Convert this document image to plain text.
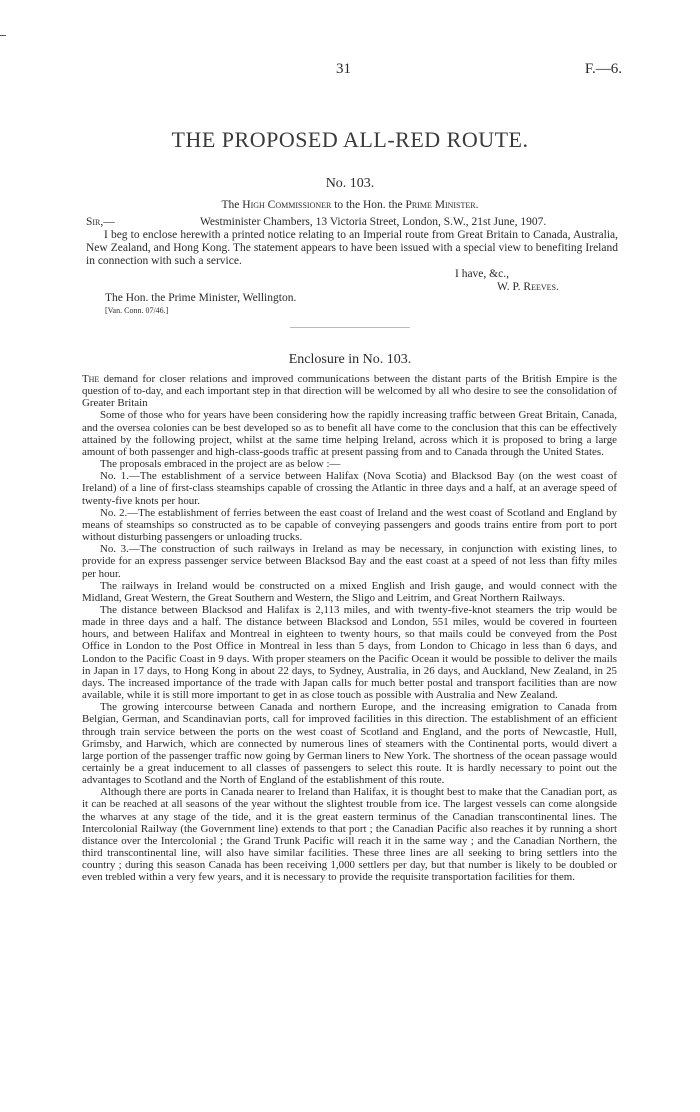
31	F.—6.
THE PROPOSED ALL-RED ROUTE.
No. 103.
The High Commissioner to the Hon. the Prime Minister.
Sir,—	Westminister Chambers, 13 Victoria Street, London, S.W., 21st June, 1907.

I beg to enclose herewith a printed notice relating to an Imperial route from Great Britain to Canada, Australia, New Zealand, and Hong Kong. The statement appears to have been issued with a special view to benefiting Ireland in connection with such a service.

I have, &c.,
W. P. Reeves.
The Hon. the Prime Minister, Wellington.
[Van. Conn. 07/46.]
Enclosure in No. 103.

The demand for closer relations and improved communications between the distant parts of the British Empire is the question of to-day, and each important step in that direction will be welcomed by all who desire to see the consolidation of Greater Britain

Some of those who for years have been considering how the rapidly increasing traffic between Great Britain, Canada, and the oversea colonies can be best developed so as to benefit all have come to the conclusion that this can be effectively attained by the following project, whilst at the same time helping Ireland, across which it is proposed to bring a large amount of both passenger and high-class-goods traffic at present passing from and to Canada through the United States.

The proposals embraced in the project are as below :—

No. 1.—The establishment of a service between Halifax (Nova Scotia) and Blacksod Bay (on the west coast of Ireland) of a line of first-class steamships capable of crossing the Atlantic in three days and a half, at an average speed of twenty-five knots per hour.

No. 2.—The establishment of ferries between the east coast of Ireland and the west coast of Scotland and England by means of steamships so constructed as to be capable of conveying passengers and goods trains entire from port to port without disturbing passengers or unloading trucks.

No. 3.—The construction of such railways in Ireland as may be necessary, in conjunction with existing lines, to provide for an express passenger service between Blacksod Bay and the east coast at a speed of not less than fifty miles per hour.

The railways in Ireland would be constructed on a mixed English and Irish gauge, and would connect with the Midland, Great Western, the Great Southern and Western, the Sligo and Leitrim, and Great Northern Railways.

The distance between Blacksod and Halifax is 2,113 miles, and with twenty-five-knot steamers the trip would be made in three days and a half. The distance between Blacksod and London, 551 miles, would be covered in fourteen hours, and between Halifax and Montreal in eighteen to twenty hours, so that mails could be conveyed from the Post Office in London to the Post Office in Montreal in less than 5 days, from London to Chicago in less than 6 days, and London to the Pacific Coast in 9 days. With proper steamers on the Pacific Ocean it would be possible to deliver the mails in Japan in 17 days, to Hong Kong in about 22 days, to Sydney, Australia, in 26 days, and Auckland, New Zealand, in 25 days. The increased importance of the trade with Japan calls for much better postal and transport facilities than are now available, while it is still more important to get in as close touch as possible with Australia and New Zealand.

The growing intercourse between Canada and northern Europe, and the increasing emigration to Canada from Belgian, German, and Scandinavian ports, call for improved facilities in this direction. The establishment of an efficient through train service between the ports on the west coast of Scotland and England, and the ports of Newcastle, Hull, Grimsby, and Harwich, which are connected by numerous lines of steamers with the Continental ports, would divert a large portion of the passenger traffic now going by German liners to New York. The shortness of the ocean passage would certainly be a great inducement to all classes of passengers to select this route. It is hardly necessary to point out the advantages to Scotland and the North of England of the establishment of this route.

Although there are ports in Canada nearer to Ireland than Halifax, it is thought best to make that the Canadian port, as it can be reached at all seasons of the year without the slightest trouble from ice. The largest vessels can come alongside the wharves at any stage of the tide, and it is the great eastern terminus of the Canadian transcontinental lines. The Intercolonial Railway (the Government line) extends to that port ; the Canadian Pacific also reaches it by running a short distance over the Intercolonial ; the Grand Trunk Pacific will reach it in the same way ; and the Canadian Northern, the third transcontinental line, will also have similar facilities. These three lines are all seeking to bring settlers into the country ; during this season Canada has been receiving 1,000 settlers per day, but that number is likely to be doubled or even trebled within a very few years, and it is necessary to provide the requisite transportation facilities for them.
